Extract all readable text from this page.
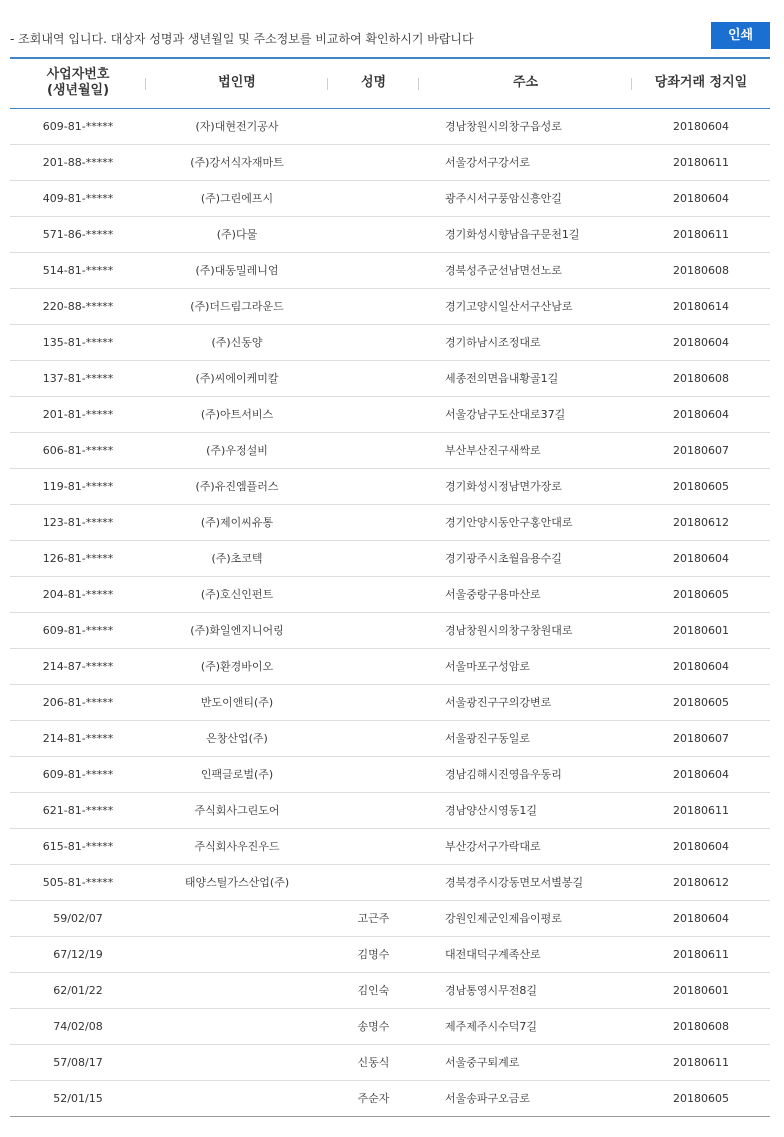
- 조회내역 입니다. 대상자 성명과 생년월일 및 주소정보를 비교하여 확인하시기 바랍니다	인쇄
사업자번호
(생년월일)	법인명	성명	주소	당좌거래 정지일
609-81-*****	(자)대현전기공사		경남창원시의창구읍성로	20180604
201-88-*****	(주)강서식자재마트		서울강서구강서로	20180611
409-81-*****	(주)그린에프시		광주시서구풍암신흥안길	20180604
571-86-*****	(주)다물		경기화성시향남읍구문천1길	20180611
514-81-*****	(주)대동밀레니엄		경북성주군선남면선노로	20180608
220-88-*****	(주)더드림그라운드		경기고양시일산서구산남로	20180614
135-81-*****	(주)신동양		경기하남시조정대로	20180604
137-81-*****	(주)씨에이케미칼		세종전의면읍내황골1길	20180608
201-81-*****	(주)아트서비스		서울강남구도산대로37길	20180604
606-81-*****	(주)우정설비		부산부산진구새싹로	20180607
119-81-*****	(주)유진엠플러스		경기화성시정남면가장로	20180605
123-81-*****	(주)제이씨유통		경기안양시동안구홍안대로	20180612
126-81-*****	(주)초코텍		경기광주시초월읍용수길	20180604
204-81-*****	(주)호신인펀트		서울중랑구용마산로	20180605
609-81-*****	(주)화일엔지니어링		경남창원시의창구창원대로	20180601
214-87-*****	(주)환경바이오		서울마포구성암로	20180604
206-81-*****	반도이앤티(주)		서울광진구구의강변로	20180605
214-81-*****	은창산업(주)		서울광진구동일로	20180607
609-81-*****	인팩글로벌(주)		경남김해시진영읍우동리	20180604
621-81-*****	주식회사그린도어		경남양산시영동1길	20180611
615-81-*****	주식회사우진우드		부산강서구가락대로	20180604
505-81-*****	태양스틸가스산업(주)		경북경주시강동면모서별봉길	20180612
59/02/07		고근주	강원인제군인제읍이평로	20180604
67/12/19		김명수	대전대덕구계족산로	20180611
62/01/22		김인숙	경남통영시무전8길	20180601
74/02/08		송명수	제주제주시수덕7길	20180608
57/08/17		신동식	서울중구퇴계로	20180611
52/01/15		주순자	서울송파구오금로	20180605
